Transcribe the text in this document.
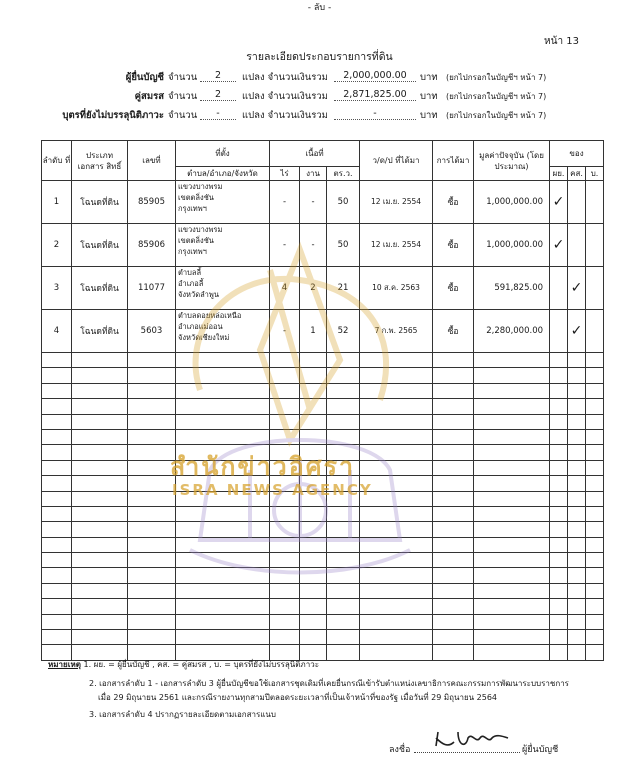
- ลับ -
หน้า 13
รายละเอียดประกอบรายการที่ดิน
ผู้ยื่นบัญชี จำนวน	2	แปลง จำนวนเงินรวม	2,000,000.00	บาท (ยกไปกรอกในบัญชีฯ หน้า 7)
คู่สมรส จำนวน	2	แปลง จำนวนเงินรวม	2,871,825.00	บาท (ยกไปกรอกในบัญชีฯ หน้า 7)
บุตรที่ยังไม่บรรลุนิติภาวะ จำนวน	-	แปลง จำนวนเงินรวม	-	บาท (ยกไปกรอกในบัญชีฯ หน้า 7)
ลำดับ ที่	ประเภท เอกสาร สิทธิ์	เลขที่	ที่ตั้ง	เนื้อที่			ว/ด/ป ที่ได้มา	การได้มา	มูลค่าปัจจุบัน (โดยประมาณ)	ของ		
			ตำบล/อำเภอ/จังหวัด	ไร่	งาน	ตร.ว.				ผย.	คส.	บ.
1	โฉนดที่ดิน	85905	แขวงบางพรม
เขตตลิ่งชัน
กรุงเทพฯ	-	-	50	12 เม.ย. 2554	ซื้อ	1,000,000.00	✓		
2	โฉนดที่ดิน	85906	แขวงบางพรม
เขตตลิ่งชัน
กรุงเทพฯ	-	-	50	12 เม.ย. 2554	ซื้อ	1,000,000.00	✓		
3	โฉนดที่ดิน	11077	ตำบลลี้
อำเภอลี้
จังหวัดลำพูน	4	2	21	10 ส.ค. 2563	ซื้อ	591,825.00		✓	
4	โฉนดที่ดิน	5603	ตำบลดอยหล่อเหนือ
อำเภอแม่ออน
จังหวัดเชียงใหม่	-	1	52	7 ก.พ. 2565	ซื้อ	2,280,000.00		✓	

สำนักข่าวอิศรา
ISRA NEWS AGENCY
หมายเหตุ 1. ผย. = ผู้ยื่นบัญชี , คส. = คู่สมรส , บ. = บุตรที่ยังไม่บรรลุนิติภาวะ
2. เอกสารลำดับ 1 - เอกสารลำดับ 3 ผู้ยื่นบัญชีขอใช้เอกสารชุดเดิมที่เคยยื่นกรณีเข้ารับตำแหน่งเลขาธิการคณะกรรมการพัฒนาระบบราชการ
เมื่อ 29 มิถุนายน 2561 และกรณีรายงานทุกสามปีตลอดระยะเวลาที่เป็นเจ้าหน้าที่ของรัฐ เมื่อวันที่ 29 มิถุนายน 2564
3. เอกสารลำดับ 4 ปรากฏรายละเอียดตามเอกสารแนบ
ลงชื่อ	ผู้ยื่นบัญชี
